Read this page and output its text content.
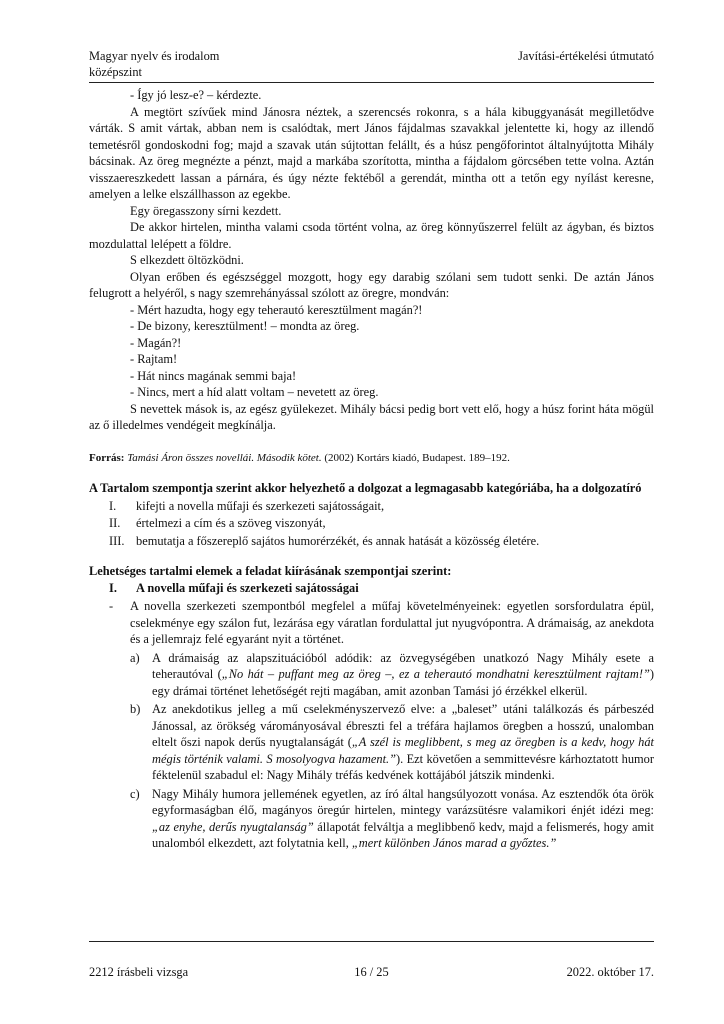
Magyar nyelv és irodalom
középszint
Javítási-értékelési útmutató

- Így jó lesz-e? – kérdezte.

A megtört szívűek mind Jánosra néztek, a szerencsés rokonra, s a hála kibuggyanását megilletődve várták. S amit vártak, abban nem is csalódtak, mert János fájdalmas szavakkal jelentette ki, hogy az illendő temetésről gondoskodni fog; majd a szavak után sújtottan felállt, és a húsz pengőforintot általnyújtotta Mihály bácsinak. Az öreg megnézte a pénzt, majd a markába szorította, mintha a fájdalom görcsében tette volna. Aztán visszaereszkedett lassan a párnára, és úgy nézte fektéből a gerendát, mintha ott a tetőn egy nyílást keresne, amelyen a lelke elszállhasson az egekbe.

Egy öregasszony sírni kezdett.

De akkor hirtelen, mintha valami csoda történt volna, az öreg könnyűszerrel felült az ágyban, és biztos mozdulattal lelépett a földre.

S elkezdett öltözködni.

Olyan erőben és egészséggel mozgott, hogy egy darabig szólani sem tudott senki. De aztán János felugrott a helyéről, s nagy szemrehányással szólott az öregre, mondván:

- Mért hazudta, hogy egy teherautó keresztülment magán?!

- De bizony, keresztülment! – mondta az öreg.

- Magán?!

- Rajtam!

- Hát nincs magának semmi baja!

- Nincs, mert a híd alatt voltam – nevetett az öreg.

S nevettek mások is, az egész gyülekezet. Mihály bácsi pedig bort vett elő, hogy a húsz forint háta mögül az ő illedelmes vendégeit megkínálja.

Forrás: Tamási Áron összes novellái. Második kötet. (2002) Kortárs kiadó, Budapest. 189–192.

A Tartalom szempontja szerint akkor helyezhető a dolgozat a legmagasabb kategóriába, ha a dolgozatíró

I.	kifejti a novella műfaji és szerkezeti sajátosságait,
II.	értelmezi a cím és a szöveg viszonyát,
III. bemutatja a főszereplő sajátos humorérzékét, és annak hatását a közösség életére.

Lehetséges tartalmi elemek a feladat kiírásának szempontjai szerint:

I.	A novella műfaji és szerkezeti sajátosságai
-	A novella szerkezeti szempontból megfelel a műfaj követelményeinek: egyetlen sorsfordulatra épül, cselekménye egy szálon fut, lezárása egy váratlan fordulattal jut nyugvópontra. A drámaiság, az anekdota és a jellemrajz felé egyaránt nyit a történet.
a) A drámaiság az alapszituációból adódik: az özvegységében unatkozó Nagy Mihály esete a teherautóval („No hát – puffant meg az öreg –, ez a teherautó mondhatni keresztülment rajtam!”) egy drámai történet lehetőségét rejti magában, amit azonban Tamási jó érzékkel elkerül.
b) Az anekdotikus jelleg a mű cselekményszervező elve: a „baleset” utáni találkozás és párbeszéd Jánossal, az örökség várományosával ébreszti fel a tréfára hajlamos öregben a hosszú, unalomban eltelt őszi napok derűs nyugtalanságát („A szél is meglibbent, s meg az öregben is a kedv, hogy hát mégis történik valami. S mosolyogva hazament.”). Ezt követően a semmittevésre kárhoztatott humor féktelenül szabadul el: Nagy Mihály tréfás kedvének kottájából játszik mindenki.
c) Nagy Mihály humora jellemének egyetlen, az író által hangsúlyozott vonása. Az esztendők óta örök egyformaságban élő, magányos öregúr hirtelen, mintegy varázsütésre valamikori énjét idézi meg: „az enyhe, derűs nyugtalanság” állapotát felváltja a meglibbenő kedv, majd a felismerés, hogy amit unalomból elkezdett, azt folytatnia kell, „mert különben János marad a győztes.”
2212 írásbeli vizsga	16 / 25	2022. október 17.
